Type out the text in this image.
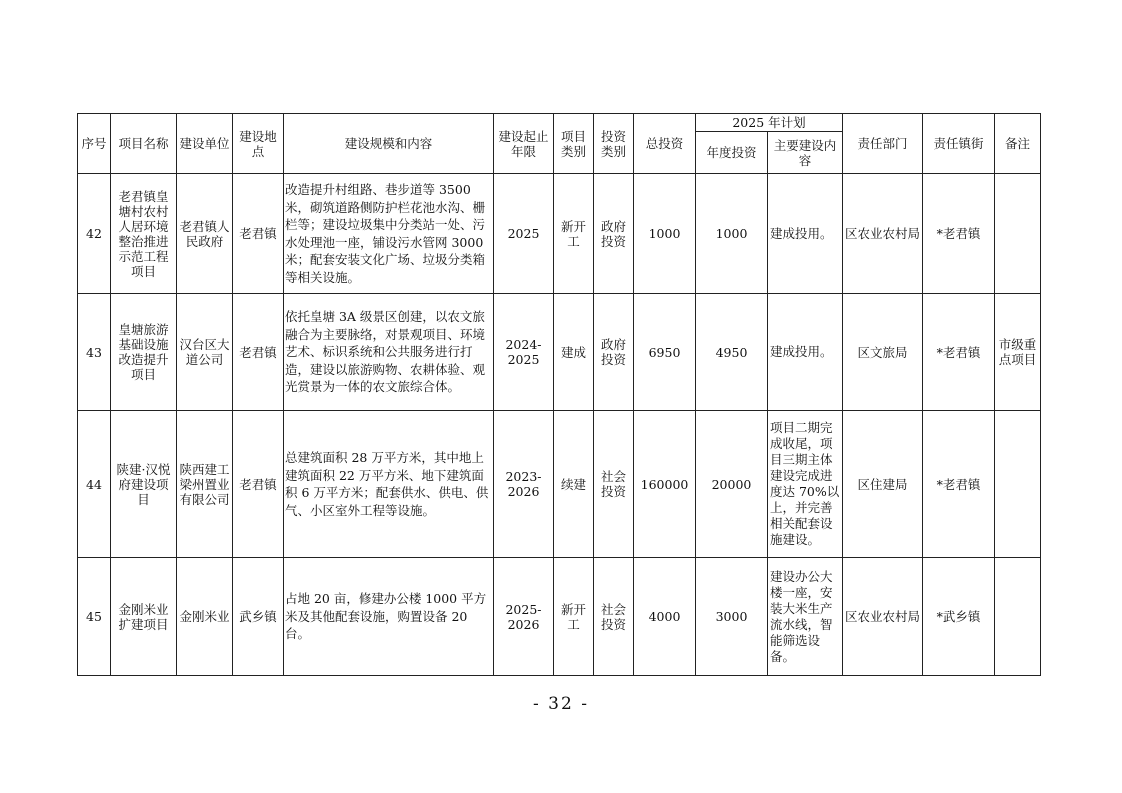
序号	项目名称	建设单位	建设地点	建设规模和内容	建设起止年限	项目类别	投资类别	总投资	2025 年计划		责任部门	责任镇街	备注
									年度投资	主要建设内容			
42	老君镇皇塘村农村人居环境整治推进示范工程项目	老君镇人民政府	老君镇	改造提升村组路、巷步道等 3500 米，砌筑道路侧防护栏花池水沟、栅栏等；建设垃圾集中分类站一处、污水处理池一座，铺设污水管网 3000 米；配套安装文化广场、垃圾分类箱等相关设施。	2025	新开工	政府投资	1000	1000	建成投用。	区农业农村局	*老君镇	
43	皇塘旅游基础设施改造提升项目	汉台区大道公司	老君镇	依托皇塘 3A 级景区创建，以农文旅融合为主要脉络，对景观项目、环境艺术、标识系统和公共服务进行打造，建设以旅游购物、农耕体验、观光赏景为一体的农文旅综合体。	2024-2025	建成	政府投资	6950	4950	建成投用。	区文旅局	*老君镇	市级重点项目
44	陕建·汉悦府建设项目	陕西建工梁州置业有限公司	老君镇	总建筑面积 28 万平方米，其中地上建筑面积 22 万平方米、地下建筑面积 6 万平方米；配套供水、供电、供气、小区室外工程等设施。	2023-2026	续建	社会投资	160000	20000	项目二期完成收尾，项目三期主体建设完成进度达 70%以上，并完善相关配套设施建设。	区住建局	*老君镇	
45	金刚米业扩建项目	金刚米业	武乡镇	占地 20 亩，修建办公楼 1000 平方米及其他配套设施，购置设备 20 台。	2025-2026	新开工	社会投资	4000	3000	建设办公大楼一座，安装大米生产流水线，智能筛选设备。	区农业农村局	*武乡镇	
- 32 -
